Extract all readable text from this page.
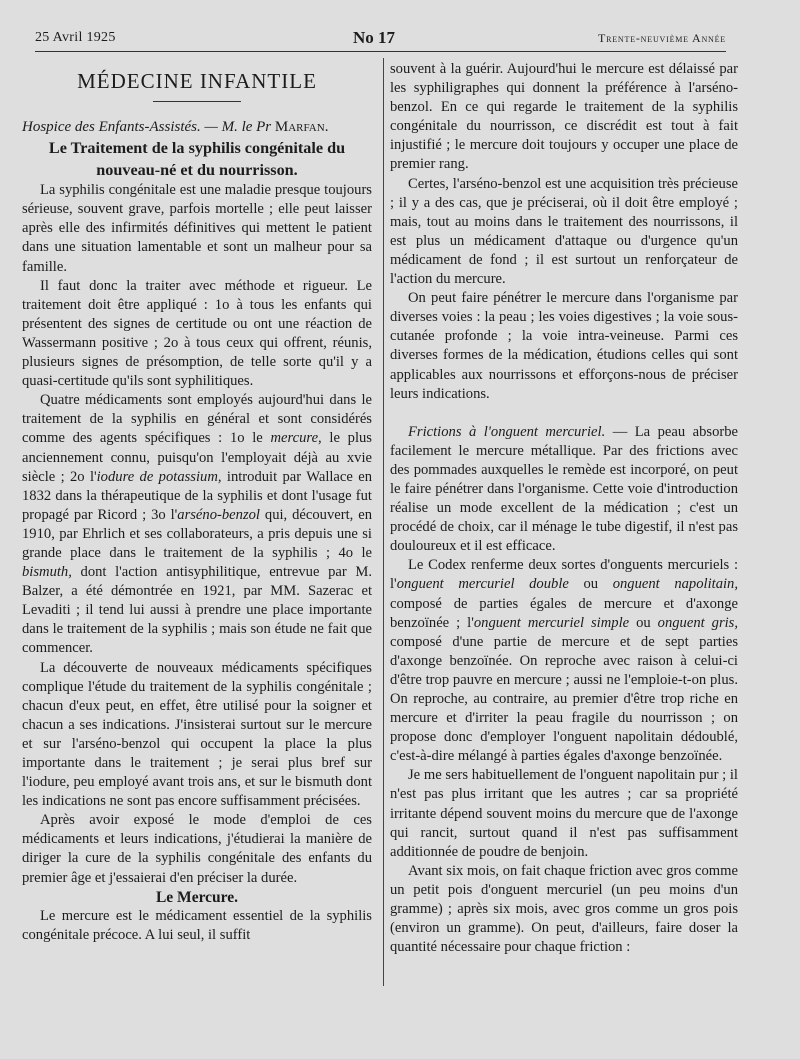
25 Avril 1925	No 17	Trente-neuvième Année
MÉDECINE INFANTILE

Hospice des Enfants-Assistés. — M. le Pr Marfan.

Le Traitement de la syphilis congénitale du nouveau-né et du nourrisson.

La syphilis congénitale est une maladie presque toujours sérieuse, souvent grave, parfois mortelle ; elle peut laisser après elle des infirmités définitives qui mettent le patient dans une situation lamentable et sont un malheur pour sa famille.

Il faut donc la traiter avec méthode et rigueur. Le traitement doit être appliqué : 1o à tous les enfants qui présentent des signes de certitude ou ont une réaction de Wassermann positive ; 2o à tous ceux qui offrent, réunis, plusieurs signes de présomption, de telle sorte qu'il y a quasi-certitude qu'ils sont syphilitiques.

Quatre médicaments sont employés aujourd'hui dans le traitement de la syphilis en général et sont considérés comme des agents spécifiques : 1o le mercure, le plus anciennement connu, puisqu'on l'employait déjà au xvie siècle ; 2o l'iodure de potassium, introduit par Wallace en 1832 dans la thérapeutique de la syphilis et dont l'usage fut propagé par Ricord ; 3o l'arséno-benzol qui, découvert, en 1910, par Ehrlich et ses collaborateurs, a pris depuis une si grande place dans le traitement de la syphilis ; 4o le bismuth, dont l'action antisyphilitique, entrevue par M. Balzer, a été démontrée en 1921, par MM. Sazerac et Levaditi ; il tend lui aussi à prendre une place importante dans le traitement de la syphilis ; mais son étude ne fait que commencer.

La découverte de nouveaux médicaments spécifiques complique l'étude du traitement de la syphilis congénitale ; chacun d'eux peut, en effet, être utilisé pour la soigner et chacun a ses indications. J'insisterai surtout sur le mercure et sur l'arséno-benzol qui occupent la place la plus importante dans le traitement ; je serai plus bref sur l'iodure, peu employé avant trois ans, et sur le bismuth dont les indications ne sont pas encore suffisamment précisées.

Après avoir exposé le mode d'emploi de ces médicaments et leurs indications, j'étudierai la manière de diriger la cure de la syphilis congénitale des enfants du premier âge et j'essaierai d'en préciser la durée.

Le Mercure.

Le mercure est le médicament essentiel de la syphilis congénitale précoce. A lui seul, il suffit

souvent à la guérir. Aujourd'hui le mercure est délaissé par les syphiligraphes qui donnent la préférence à l'arséno-benzol. En ce qui regarde le traitement de la syphilis congénitale du nourrisson, ce discrédit est tout à fait injustifié ; le mercure doit toujours y occuper une place de premier rang.

Certes, l'arséno-benzol est une acquisition très précieuse ; il y a des cas, que je préciserai, où il doit être employé ; mais, tout au moins dans le traitement des nourrissons, il est plus un médicament d'attaque ou d'urgence qu'un médicament de fond ; il est surtout un renforçateur de l'action du mercure.

On peut faire pénétrer le mercure dans l'organisme par diverses voies : la peau ; les voies digestives ; la voie sous-cutanée profonde ; la voie intra-veineuse. Parmi ces diverses formes de la médication, étudions celles qui sont applicables aux nourrissons et efforçons-nous de préciser leurs indications.

Frictions à l'onguent mercuriel. — La peau absorbe facilement le mercure métallique. Par des frictions avec des pommades auxquelles le remède est incorporé, on peut le faire pénétrer dans l'organisme. Cette voie d'introduction réalise un mode excellent de la médication ; c'est un procédé de choix, car il ménage le tube digestif, il n'est pas douloureux et il est efficace.

Le Codex renferme deux sortes d'onguents mercuriels : l'onguent mercuriel double ou onguent napolitain, composé de parties égales de mercure et d'axonge benzoïnée ; l'onguent mercuriel simple ou onguent gris, composé d'une partie de mercure et de sept parties d'axonge benzoïnée. On reproche avec raison à celui-ci d'être trop pauvre en mercure ; aussi ne l'emploie-t-on plus. On reproche, au contraire, au premier d'être trop riche en mercure et d'irriter la peau fragile du nourrisson ; on propose donc d'employer l'onguent napolitain dédoublé, c'est-à-dire mélangé à parties égales d'axonge benzoïnée.

Je me sers habituellement de l'onguent napolitain pur ; il n'est pas plus irritant que les autres ; car sa propriété irritante dépend souvent moins du mercure que de l'axonge qui rancit, surtout quand il n'est pas suffisamment additionnée de poudre de benjoin.

Avant six mois, on fait chaque friction avec gros comme un petit pois d'onguent mercuriel (un peu moins d'un gramme) ; après six mois, avec gros comme un gros pois (environ un gramme). On peut, d'ailleurs, faire doser la quantité nécessaire pour chaque friction :
